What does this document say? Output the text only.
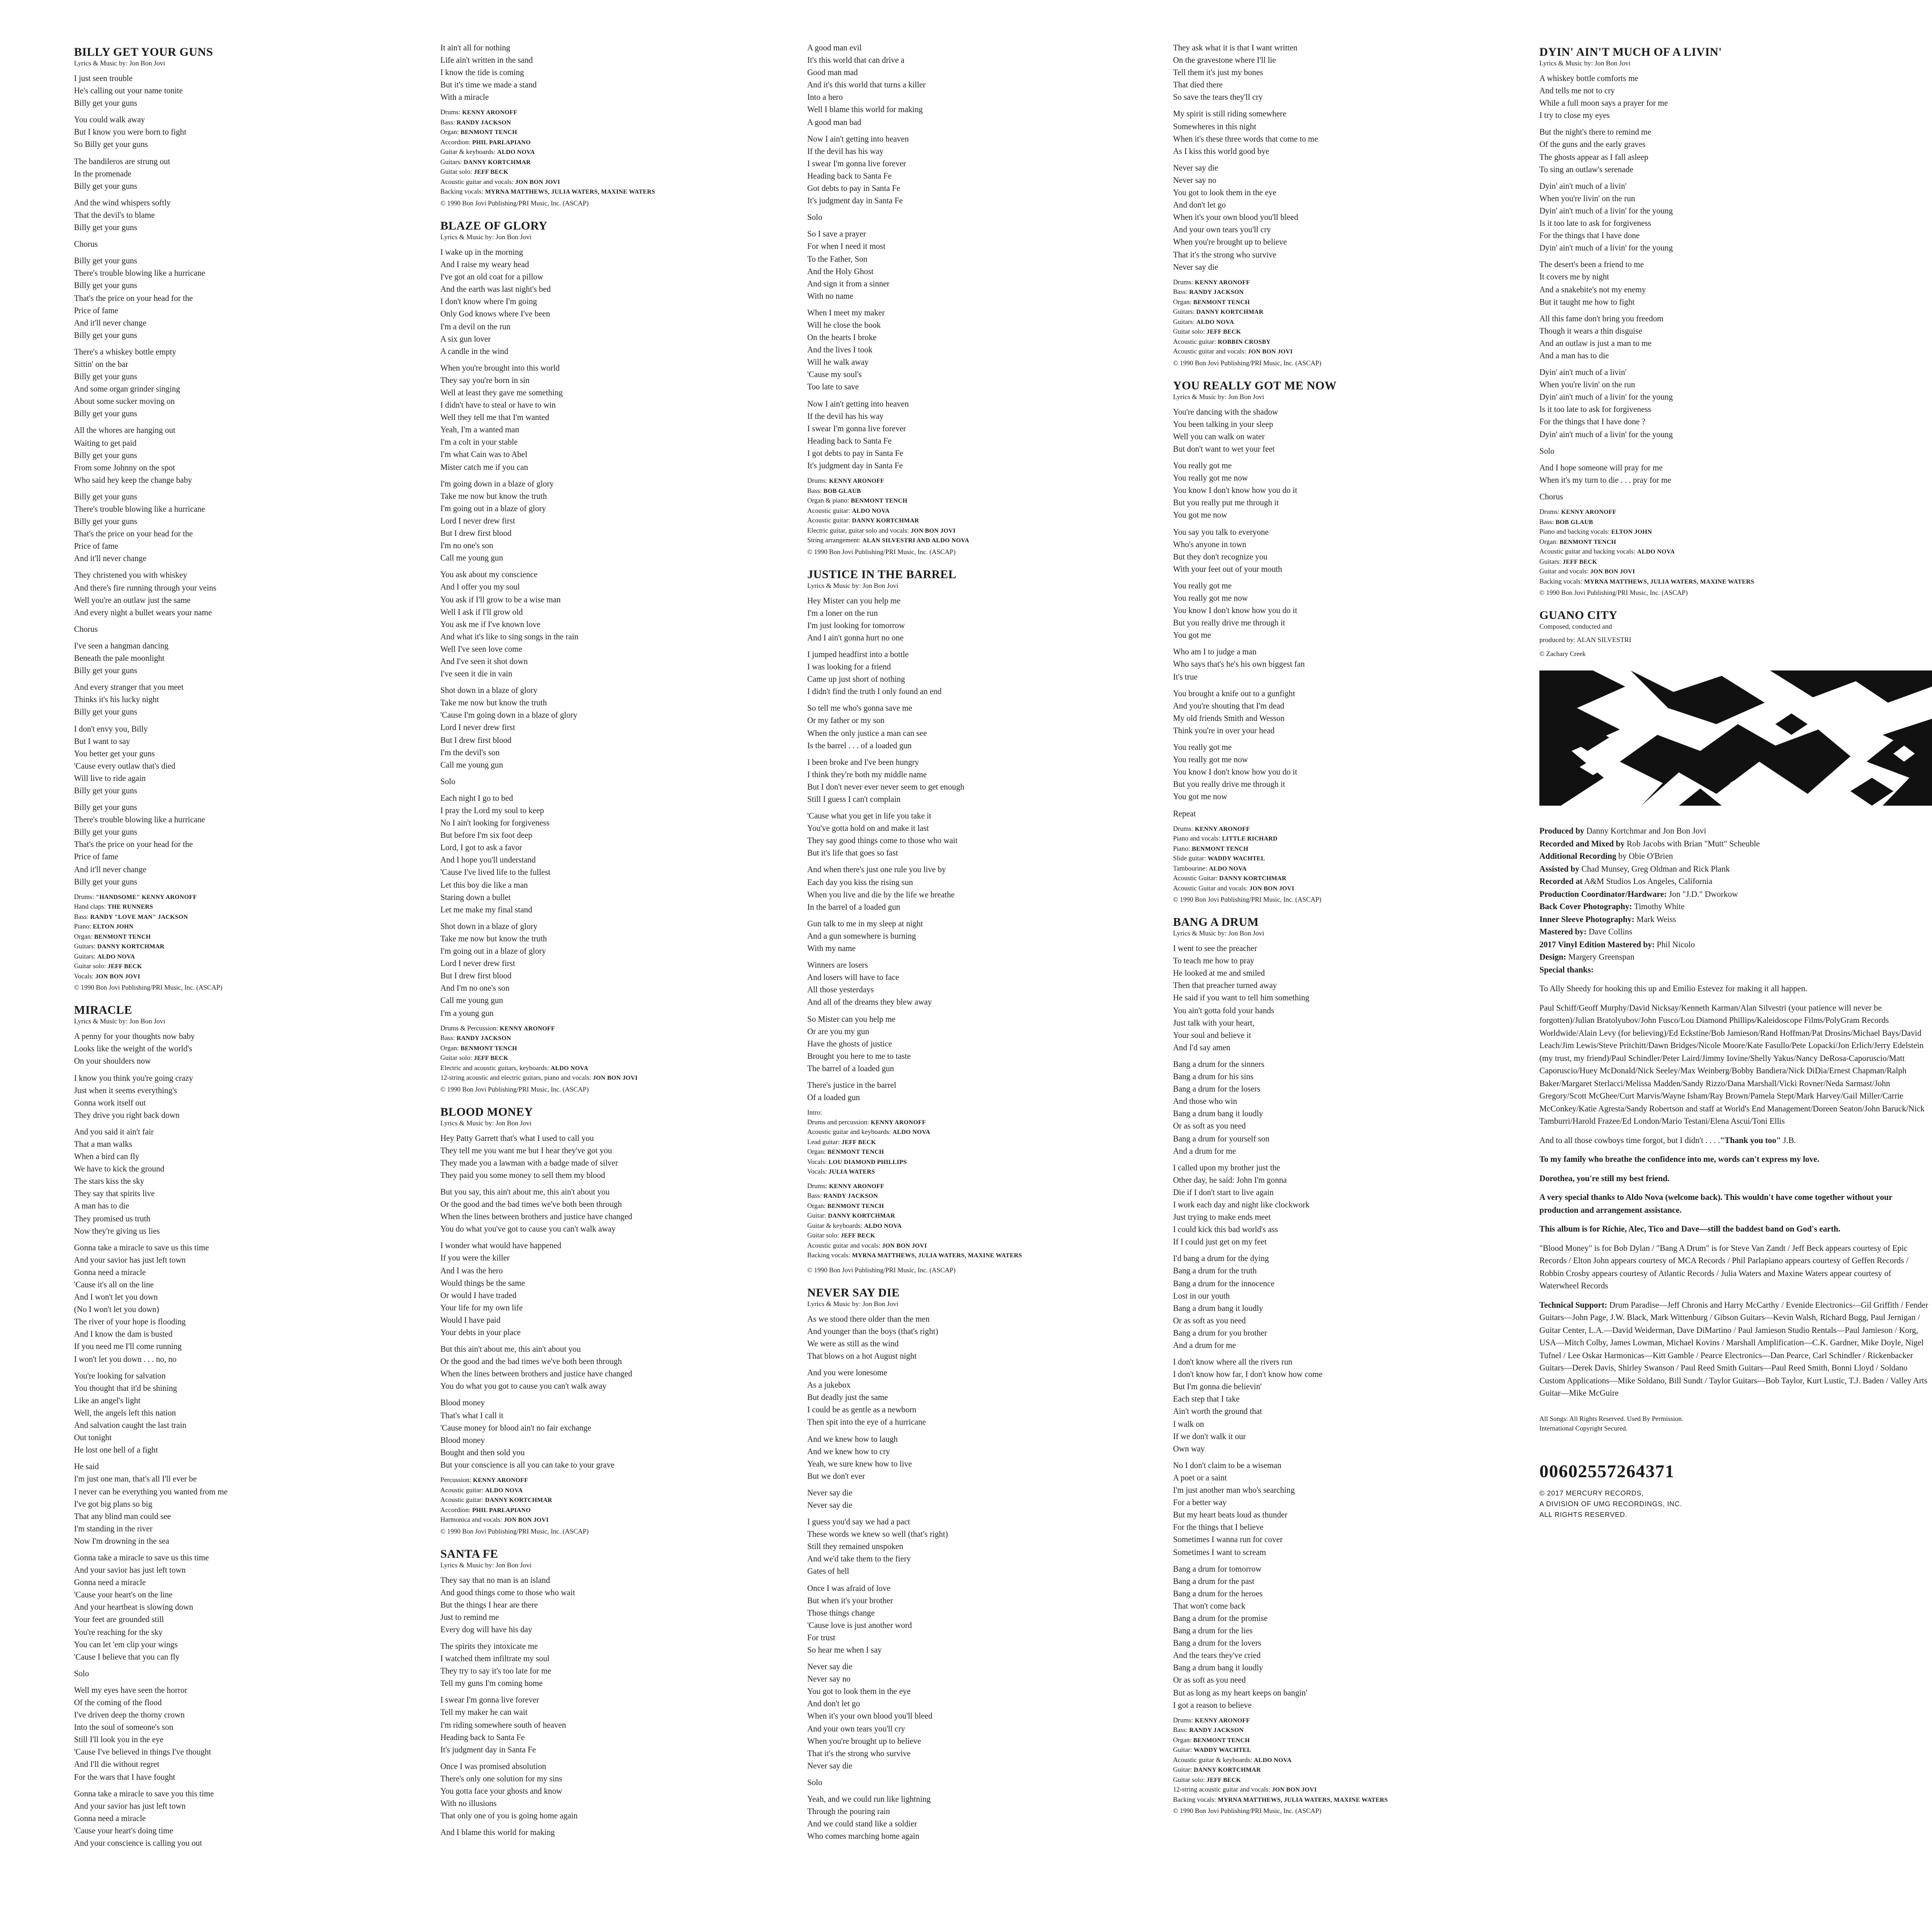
BILLY GET YOUR GUNS
Lyrics & Music by: Jon Bon Jovi
I just seen trouble
He's calling out your name tonite
Billy get your guns
You could walk away
But I know you were born to fight
So Billy get your guns
The bandileros are strung out
In the promenade
Billy get your guns
And the wind whispers softly
That the devil's to blame
Billy get your guns
Chorus
Billy get your guns
There's trouble blowing like a hurricane
Billy get your guns
That's the price on your head for the
Price of fame
And it'll never change
Billy get your guns
There's a whiskey bottle empty
Sittin' on the bar
Billy get your guns
And some organ grinder singing
About some sucker moving on
Billy get your guns
All the whores are hanging out
Waiting to get paid
Billy get your guns
From some Johnny on the spot
Who said hey keep the change baby
Billy get your guns
There's trouble blowing like a hurricane
Billy get your guns
That's the price on your head for the
Price of fame
And it'll never change
They christened you with whiskey
And there's fire running through your veins
Well you're an outlaw just the same
And every night a bullet wears your name
Chorus
I've seen a hangman dancing
Beneath the pale moonlight
Billy get your guns
And every stranger that you meet
Thinks it's his lucky night
Billy get your guns
I don't envy you, Billy
But I want to say
You better get your guns
'Cause every outlaw that's died
Will live to ride again
Billy get your guns
Billy get your guns
There's trouble blowing like a hurricane
Billy get your guns
That's the price on your head for the
Price of fame
And it'll never change
Billy get your guns
Drums: "HANDSOME" KENNY ARONOFF
Hand claps: THE RUNNERS
Bass: RANDY "LOVE MAN" JACKSON
Piano: ELTON JOHN
Organ: BENMONT TENCH
Guitars: DANNY KORTCHMAR
Guitars: ALDO NOVA
Guitar solo: JEFF BECK
Vocals: JON BON JOVI
© 1990 Bon Jovi Publishing/PRI Music, Inc. (ASCAP)
MIRACLE
Lyrics & Music by: Jon Bon Jovi
A penny for your thoughts now baby
Looks like the weight of the world's
On your shoulders now
I know you think you're going crazy
Just when it seems everything's
Gonna work itself out
They drive you right back down
And you said it ain't fair
That a man walks
When a bird can fly
We have to kick the ground
The stars kiss the sky
They say that spirits live
A man has to die
They promised us truth
Now they're giving us lies
Gonna take a miracle to save us this time
And your savior has just left town
Gonna need a miracle
'Cause it's all on the line
And I won't let you down
(No I won't let you down)
The river of your hope is flooding
And I know the dam is busted
If you need me I'll come running
I won't let you down . . . no, no
You're looking for salvation
You thought that it'd be shining
Like an angel's light
Well, the angels left this nation
And salvation caught the last train
Out tonight
He lost one hell of a fight
He said
I'm just one man, that's all I'll ever be
I never can be everything you wanted from me
I've got big plans so big
That any blind man could see
I'm standing in the river
Now I'm drowning in the sea
Gonna take a miracle to save us this time
And your savior has just left town
Gonna need a miracle
'Cause your heart's on the line
And your heartbeat is slowing down
Your feet are grounded still
You're reaching for the sky
You can let 'em clip your wings
'Cause I believe that you can fly
Solo
Well my eyes have seen the horror
Of the coming of the flood
I've driven deep the thorny crown
Into the soul of someone's son
Still I'll look you in the eye
'Cause I've believed in things I've thought
And I'll die without regret
For the wars that I have fought
Gonna take a miracle to save you this time
And your savior has just left town
Gonna need a miracle
'Cause your heart's doing time
And your conscience is calling you out
It ain't all for nothing
Life ain't written in the sand
I know the tide is coming
But it's time we made a stand
With a miracle
Drums: KENNY ARONOFF
Bass: RANDY JACKSON
Organ: BENMONT TENCH
Accordion: PHIL PARLAPIANO
Guitar & keyboards: ALDO NOVA
Guitars: DANNY KORTCHMAR
Guitar solo: JEFF BECK
Acoustic guitar and vocals: JON BON JOVI
Backing vocals: MYRNA MATTHEWS, JULIA WATERS, MAXINE WATERS
© 1990 Bon Jovi Publishing/PRI Music, Inc. (ASCAP)
BLAZE OF GLORY
Lyrics & Music by: Jon Bon Jovi
I wake up in the morning
And I raise my weary head
I've got an old coat for a pillow
And the earth was last night's bed
I don't know where I'm going
Only God knows where I've been
I'm a devil on the run
A six gun lover
A candle in the wind
When you're brought into this world
They say you're born in sin
Well at least they gave me something
I didn't have to steal or have to win
Well they tell me that I'm wanted
Yeah, I'm a wanted man
I'm a colt in your stable
I'm what Cain was to Abel
Mister catch me if you can
I'm going down in a blaze of glory
Take me now but know the truth
I'm going out in a blaze of glory
Lord I never drew first
But I drew first blood
I'm no one's son
Call me young gun
You ask about my conscience
And I offer you my soul
You ask if I'll grow to be a wise man
Well I ask if I'll grow old
You ask me if I've known love
And what it's like to sing songs in the rain
Well I've seen love come
And I've seen it shot down
I've seen it die in vain
Shot down in a blaze of glory
Take me now but know the truth
'Cause I'm going down in a blaze of glory
Lord I never drew first
But I drew first blood
I'm the devil's son
Call me young gun
Solo
Each night I go to bed
I pray the Lord my soul to keep
No I ain't looking for forgiveness
But before I'm six foot deep
Lord, I got to ask a favor
And I hope you'll understand
'Cause I've lived life to the fullest
Let this boy die like a man
Staring down a bullet
Let me make my final stand
Shot down in a blaze of glory
Take me now but know the truth
I'm going out in a blaze of glory
Lord I never drew first
But I drew first blood
And I'm no one's son
Call me young gun
I'm a young gun
Drums & Percussion: KENNY ARONOFF
Bass: RANDY JACKSON
Organ: BENMONT TENCH
Guitar solo: JEFF BECK
Electric and acoustic guitars, keyboards: ALDO NOVA
12-string acoustic and electric guitars, piano and vocals: JON BON JOVI
© 1990 Bon Jovi Publishing/PRI Music, Inc. (ASCAP)
BLOOD MONEY
Lyrics & Music by: Jon Bon Jovi
Hey Patty Garrett that's what I used to call you
They tell me you want me but I hear they've got you
They made you a lawman with a badge made of silver
They paid you some money to sell them my blood
But you say, this ain't about me, this ain't about you
Or the good and the bad times we've both been through
When the lines between brothers and justice have changed
You do what you've got to cause you can't walk away
I wonder what would have happened
If you were the killer
And I was the hero
Would things be the same
Or would I have traded
Your life for my own life
Would I have paid
Your debts in your place
But this ain't about me, this ain't about you
Or the good and the bad times we've both been through
When the lines between brothers and justice have changed
You do what you got to cause you can't walk away
Blood money
That's what I call it
'Cause money for blood ain't no fair exchange
Blood money
Bought and then sold you
But your conscience is all you can take to your grave
Percussion: KENNY ARONOFF
Acoustic guitar: ALDO NOVA
Acoustic guitar: DANNY KORTCHMAR
Accordion: PHIL PARLAPIANO
Harmonica and vocals: JON BON JOVI
© 1990 Bon Jovi Publishing/PRI Music, Inc. (ASCAP)
SANTA FE
Lyrics & Music by: Jon Bon Jovi
They say that no man is an island
And good things come to those who wait
But the things I hear are there
Just to remind me
Every dog will have his day
The spirits they intoxicate me
I watched them infiltrate my soul
They try to say it's too late for me
Tell my guns I'm coming home
I swear I'm gonna live forever
Tell my maker he can wait
I'm riding somewhere south of heaven
Heading back to Santa Fe
It's judgment day in Santa Fe
Once I was promised absolution
There's only one solution for my sins
You gotta face your ghosts and know
With no illusions
That only one of you is going home again
And I blame this world for making
A good man evil
It's this world that can drive a
Good man mad
And it's this world that turns a killer
Into a hero
Well I blame this world for making
A good man bad
Now I ain't getting into heaven
If the devil has his way
I swear I'm gonna live forever
Heading back to Santa Fe
Got debts to pay in Santa Fe
It's judgment day in Santa Fe
Solo
So I save a prayer
For when I need it most
To the Father, Son
And the Holy Ghost
And sign it from a sinner
With no name
When I meet my maker
Will he close the book
On the hearts I broke
And the lives I took
Will he walk away
'Cause my soul's
Too late to save
Now I ain't getting into heaven
If the devil has his way
I swear I'm gonna live forever
Heading back to Santa Fe
I got debts to pay in Santa Fe
It's judgment day in Santa Fe
Drums: KENNY ARONOFF
Bass: BOB GLAUB
Organ & piano: BENMONT TENCH
Acoustic guitar: ALDO NOVA
Acoustic guitar: DANNY KORTCHMAR
Electric guitar, guitar solo and vocals: JON BON JOVI
String arrangement: ALAN SILVESTRI AND ALDO NOVA
© 1990 Bon Jovi Publishing/PRI Music, Inc. (ASCAP)
JUSTICE IN THE BARREL
Lyrics & Music by: Jon Bon Jovi
Hey Mister can you help me
I'm a loner on the run
I'm just looking for tomorrow
And I ain't gonna hurt no one
I jumped headfirst into a bottle
I was looking for a friend
Came up just short of nothing
I didn't find the truth I only found an end
So tell me who's gonna save me
Or my father or my son
When the only justice a man can see
Is the barrel . . . of a loaded gun
I been broke and I've been hungry
I think they're both my middle name
But I don't never ever never seem to get enough
Still I guess I can't complain
'Cause what you get in life you take it
You've gotta hold on and make it last
They say good things come to those who wait
But it's life that goes so fast
And when there's just one rule you live by
Each day you kiss the rising sun
When you live and die by the life we breathe
In the barrel of a loaded gun
Gun talk to me in my sleep at night
And a gun somewhere is burning
With my name
Winners are losers
And losers will have to face
All those yesterdays
And all of the dreams they blew away
So Mister can you help me
Or are you my gun
Have the ghosts of justice
Brought you here to me to taste
The barrel of a loaded gun
There's justice in the barrel
Of a loaded gun
Intro:
Drums and percussion: KENNY ARONOFF
Acoustic guitar and keyboards: ALDO NOVA
Lead guitar: JEFF BECK
Organ: BENMONT TENCH
Vocals: LOU DIAMOND PHILLIPS
Vocals: JULIA WATERS
Drums: KENNY ARONOFF
Bass: RANDY JACKSON
Organ: BENMONT TENCH
Guitar: DANNY KORTCHMAR
Guitar & keyboards: ALDO NOVA
Guitar solo: JEFF BECK
Acoustic guitar and vocals: JON BON JOVI
Backing vocals: MYRNA MATTHEWS, JULIA WATERS, MAXINE WATERS
© 1990 Bon Jovi Publishing/PRI Music, Inc. (ASCAP)
NEVER SAY DIE
Lyrics & Music by: Jon Bon Jovi
As we stood there older than the men
And younger than the boys (that's right)
We were as still as the wind
That blows on a hot August night
And you were lonesome
As a jukebox
But deadly just the same
I could be as gentle as a newborn
Then spit into the eye of a hurricane
And we knew how to laugh
And we knew how to cry
Yeah, we sure knew how to live
But we don't ever
Never say die
Never say die
I guess you'd say we had a pact
These words we knew so well (that's right)
Still they remained unspoken
And we'd take them to the fiery
Gates of hell
Once I was afraid of love
But when it's your brother
Those things change
'Cause love is just another word
For trust
So hear me when I say
Never say die
Never say no
You got to look them in the eye
And don't let go
When it's your own blood you'll bleed
And your own tears you'll cry
When you're brought up to believe
That it's the strong who survive
Never say die
Solo
Yeah, and we could run like lightning
Through the pouring rain
And we could stand like a soldier
Who comes marching home again
They ask what it is that I want written
On the gravestone where I'll lie
Tell them it's just my bones
That died there
So save the tears they'll cry
My spirit is still riding somewhere
Somewheres in this night
When it's these three words that come to me
As I kiss this world good bye
Never say die
Never say no
You got to look them in the eye
And don't let go
When it's your own blood you'll bleed
And your own tears you'll cry
When you're brought up to believe
That it's the strong who survive
Never say die
Drums: KENNY ARONOFF
Bass: RANDY JACKSON
Organ: BENMONT TENCH
Guitars: DANNY KORTCHMAR
Guitars: ALDO NOVA
Guitar solo: JEFF BECK
Acoustic guitar: ROBBIN CROSBY
Acoustic guitar and vocals: JON BON JOVI
© 1990 Bon Jovi Publishing/PRI Music, Inc. (ASCAP)
YOU REALLY GOT ME NOW
Lyrics & Music by: Jon Bon Jovi
You're dancing with the shadow
You been talking in your sleep
Well you can walk on water
But don't want to wet your feet
You really got me
You really got me now
You know I don't know how you do it
But you really put me through it
You got me now
You say you talk to everyone
Who's anyone in town
But they don't recognize you
With your feet out of your mouth
You really got me
You really got me now
You know I don't know how you do it
But you really drive me through it
You got me
Who am I to judge a man
Who says that's he's his own biggest fan
It's true
You brought a knife out to a gunfight
And you're shouting that I'm dead
My old friends Smith and Wesson
Think you're in over your head
You really got me
You really got me now
You know I don't know how you do it
But you really drive me through it
You got me now
Repeat
Drums: KENNY ARONOFF
Piano and vocals: LITTLE RICHARD
Piano: BENMONT TENCH
Slide guitar: WADDY WACHTEL
Tambourine: ALDO NOVA
Acoustic Guitar: DANNY KORTCHMAR
Acoustic Guitar and vocals: JON BON JOVI
© 1990 Bon Jovi Publishing/PRI Music, Inc. (ASCAP)
BANG A DRUM
Lyrics & Music by: Jon Bon Jovi
I went to see the preacher
To teach me how to pray
He looked at me and smiled
Then that preacher turned away
He said if you want to tell him something
You ain't gotta fold your hands
Just talk with your heart,
Your soul and believe it
And I'd say amen
Bang a drum for the sinners
Bang a drum for his sins
Bang a drum for the losers
And those who win
Bang a drum bang it loudly
Or as soft as you need
Bang a drum for yourself son
And a drum for me
I called upon my brother just the
Other day, he said: John I'm gonna
Die if I don't start to live again
I work each day and night like clockwork
Just trying to make ends meet
I could kick this bad world's ass
If I could just get on my feet
I'd bang a drum for the dying
Bang a drum for the truth
Bang a drum for the innocence
Lost in our youth
Bang a drum bang it loudly
Or as soft as you need
Bang a drum for you brother
And a drum for me
I don't know where all the rivers run
I don't know how far, I don't know how come
But I'm gonna die believin'
Each step that I take
Ain't worth the ground that
I walk on
If we don't walk it our
Own way
No I don't claim to be a wiseman
A poet or a saint
I'm just another man who's searching
For a better way
But my heart beats loud as thunder
For the things that I believe
Sometimes I wanna run for cover
Sometimes I want to scream
Bang a drum for tomorrow
Bang a drum for the past
Bang a drum for the heroes
That won't come back
Bang a drum for the promise
Bang a drum for the lies
Bang a drum for the lovers
And the tears they've cried
Bang a drum bang it loudly
Or as soft as you need
But as long as my heart keeps on bangin'
I got a reason to believe
Drums: KENNY ARONOFF
Bass: RANDY JACKSON
Organ: BENMONT TENCH
Guitar: WADDY WACHTEL
Acoustic guitar & keyboards: ALDO NOVA
Guitar: DANNY KORTCHMAR
Guitar solo: JEFF BECK
12-string acoustic guitar and vocals: JON BON JOVI
Backing vocals: MYRNA MATTHEWS, JULIA WATERS, MAXINE WATERS
© 1990 Bon Jovi Publishing/PRI Music, Inc. (ASCAP)
DYIN' AIN'T MUCH OF A LIVIN'
Lyrics & Music by: Jon Bon Jovi
A whiskey bottle comforts me
And tells me not to cry
While a full moon says a prayer for me
I try to close my eyes
But the night's there to remind me
Of the guns and the early graves
The ghosts appear as I fall asleep
To sing an outlaw's serenade
Dyin' ain't much of a livin'
When you're livin' on the run
Dyin' ain't much of a livin' for the young
Is it too late to ask for forgiveness
For the things that I have done
Dyin' ain't much of a livin' for the young
The desert's been a friend to me
It covers me by night
And a snakebite's not my enemy
But it taught me how to fight
All this fame don't bring you freedom
Though it wears a thin disguise
And an outlaw is just a man to me
And a man has to die
Dyin' ain't much of a livin'
When you're livin' on the run
Dyin' ain't much of a livin' for the young
Is it too late to ask for forgiveness
For the things that I have done ?
Dyin' ain't much of a livin' for the young
Solo
And I hope someone will pray for me
When it's my turn to die . . . pray for me
Chorus
Drums: KENNY ARONOFF
Bass: BOB GLAUB
Piano and backing vocals: ELTON JOHN
Organ: BENMONT TENCH
Acoustic guitar and backing vocals: ALDO NOVA
Guitars: JEFF BECK
Guitar and vocals: JON BON JOVI
Backing vocals: MYRNA MATTHEWS, JULIA WATERS, MAXINE WATERS
© 1990 Bon Jovi Publishing/PRI Music, Inc. (ASCAP)
GUANO CITY
Composed, conducted and
produced by: ALAN SILVESTRI
© Zachary Creek
Produced by Danny Kortchmar and Jon Bon Jovi
Recorded and Mixed by Rob Jacobs with Brian "Mutt" Scheuble
Additional Recording by Obie O'Brien
Assisted by Chad Munsey, Greg Oldman and Rick Plank
Recorded at A&M Studios Los Angeles, California
Production Coordinator/Hardware: Jon "J.D." Dworkow
Back Cover Photography: Timothy White
Inner Sleeve Photography: Mark Weiss
Mastered by: Dave Collins
2017 Vinyl Edition Mastered by: Phil Nicolo
Design: Margery Greenspan
Special thanks:
To Ally Sheedy for hooking this up and Emilio Estevez for making it all happen.
Paul Schiff/Geoff Murphy/David Nicksay/Kenneth Karman/Alan Silvestri (your patience will never be forgotten)/Julian Bratolyubov/John Fusco/Lou Diamond Phillips/Kaleidoscope Films/PolyGram Records Worldwide/Alain Levy (for believing)/Ed Eckstine/Bob Jamieson/Rand Hoffman/Pat Drosins/Michael Bays/David Leach/Jim Lewis/Steve Pritchitt/Dawn Bridges/Nicole Moore/Kate Fasullo/Pete Lopacki/Jon Erlich/Jerry Edelstein (my trust, my friend)/Paul Schindler/Peter Laird/Jimmy Iovine/Shelly Yakus/Nancy DeRosa-Caporuscio/Matt Caporuscio/Huey McDonald/Nick Seeley/Max Weinberg/Bobby Bandiera/Nick DiDia/Ernest Chapman/Ralph Baker/Margaret Sterlacci/Melissa Madden/Sandy Rizzo/Dana Marshall/Vicki Rovner/Neda Sarmast/John Gregory/Scott McGhee/Curt Marvis/Wayne Isham/Ray Brown/Pamela Stept/Mark Harvey/Gail Miller/Carrie McConkey/Katie Agresta/Sandy Robertson and staff at World's End Management/Doreen Seaton/John Baruck/Nick Tamburri/Harold Frazee/Ed London/Mario Testani/Elena Ascui/Toni Ellis
And to all those cowboys time forgot, but I didn't . . . ."Thank you too" J.B.
To my family who breathe the confidence into me, words can't express my love.
Dorothea, you're still my best friend.
A very special thanks to Aldo Nova (welcome back). This wouldn't have come together without your production and arrangement assistance.
This album is for Richie, Alec, Tico and Dave—still the baddest band on God's earth.
"Blood Money" is for Bob Dylan / "Bang A Drum" is for Steve Van Zandt / Jeff Beck appears courtesy of Epic Records / Elton John appears courtesy of MCA Records / Phil Parlapiano appears courtesy of Geffen Records / Robbin Crosby appears courtesy of Atlantic Records / Julia Waters and Maxine Waters appear courtesy of Waterwheel Records
Technical Support: Drum Paradise—Jeff Chronis and Harry McCarthy / Evenide Electronics—Gil Griffith / Fender Guitars—John Page, J.W. Black, Mark Wittenburg / Gibson Guitars—Kevin Walsh, Richard Bugg, Paul Jernigan / Guitar Center, L.A.—David Weiderman, Dave DiMartino / Paul Jamieson Studio Rentals—Paul Jamieson / Korg, USA—Mitch Colby, James Lowman, Michael Kovins / Marshall Amplification—C.K. Gardner, Mike Doyle, Nigel Tufnel / Lee Oskar Harmonicas—Kitt Gamble / Pearce Electronics—Dan Pearce, Carl Schindler / Rickenbacker Guitars—Derek Davis, Shirley Swanson / Paul Reed Smith Guitars—Paul Reed Smith, Bonni Lloyd / Soldano Custom Applications—Mike Soldano, Bill Sundt / Taylor Guitars—Bob Taylor, Kurt Lustic, T.J. Baden / Valley Arts Guitar—Mike McGuire
All Songs: All Rights Reserved. Used By Permission.
International Copyright Secured.
00602557264371
© 2017 MERCURY RECORDS,
A DIVISION OF UMG RECORDINGS, INC.
ALL RIGHTS RESERVED.
